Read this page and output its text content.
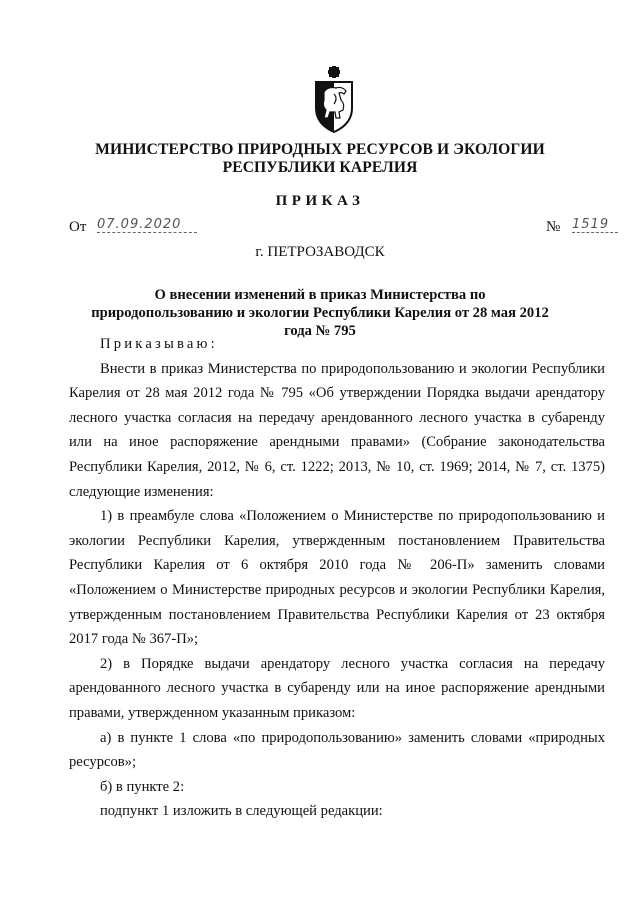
МИНИСТЕРСТВО ПРИРОДНЫХ РЕСУРСОВ И ЭКОЛОГИИ
РЕСПУБЛИКИ КАРЕЛИЯ
ПРИКАЗ
От 07.09.2020	№ 1519
г. ПЕТРОЗАВОДСК
О внесении изменений в приказ Министерства по природопользованию и экологии Республики Карелия от 28 мая 2012 года № 795

Приказываю:

Внести в приказ Министерства по природопользованию и экологии Республики Карелия от 28 мая 2012 года № 795 «Об утверждении Порядка выдачи арендатору лесного участка согласия на передачу арендованного лесного участка в субаренду или на иное распоряжение арендными правами» (Собрание законодательства Республики Карелия, 2012, № 6, ст. 1222; 2013, № 10, ст. 1969; 2014, № 7, ст. 1375) следующие изменения:

1) в преамбуле слова «Положением о Министерстве по природопользованию и экологии Республики Карелия, утвержденным постановлением Правительства Республики Карелия от 6 октября 2010 года № 206-П» заменить словами «Положением о Министерстве природных ресурсов и экологии Республики Карелия, утвержденным постановлением Правительства Республики Карелия от 23 октября 2017 года № 367-П»;

2) в Порядке выдачи арендатору лесного участка согласия на передачу арендованного лесного участка в субаренду или на иное распоряжение арендными правами, утвержденном указанным приказом:

а) в пункте 1 слова «по природопользованию» заменить словами «природных ресурсов»;

б) в пункте 2:

подпункт 1 изложить в следующей редакции:
